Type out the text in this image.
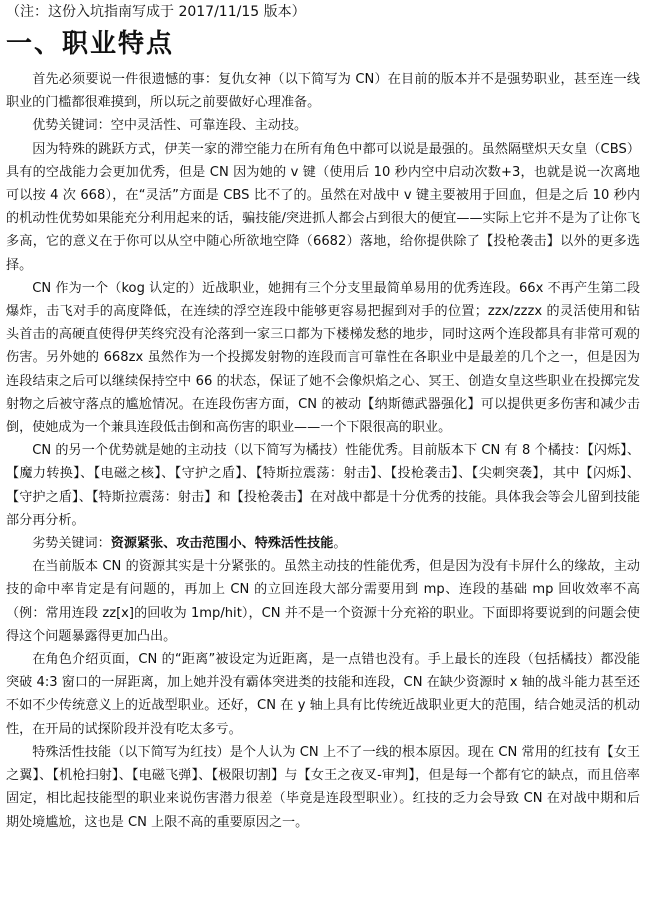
（注：这份入坑指南写成于 2017/11/15 版本）

一、职业特点

首先必须要说一件很遗憾的事：复仇女神（以下简写为 CN）在目前的版本并不是强势职业，甚至连一线职业的门槛都很难摸到，所以玩之前要做好心理准备。

优势关键词：空中灵活性、可靠连段、主动技。

因为特殊的跳跃方式，伊芙一家的滞空能力在所有角色中都可以说是最强的。虽然隔壁炽天女皇（CBS）具有的空战能力会更加优秀，但是 CN 因为她的 v 键（使用后 10 秒内空中启动次数+3，也就是说一次离地可以按 4 次 668），在“灵活”方面是 CBS 比不了的。虽然在对战中 v 键主要被用于回血，但是之后 10 秒内的机动性优势如果能充分利用起来的话，骗技能/突进抓人都会占到很大的便宜——实际上它并不是为了让你飞多高，它的意义在于你可以从空中随心所欲地空降（6682）落地，给你提供除了【投枪袭击】以外的更多选择。

CN 作为一个（kog 认定的）近战职业，她拥有三个分支里最简单易用的优秀连段。66x 不再产生第二段爆炸，击飞对手的高度降低，在连续的浮空连段中能够更容易把握到对手的位置；zzx/zzzx 的灵活使用和钻头首击的高硬直使得伊芙终究没有沦落到一家三口都为下楼梯发愁的地步，同时这两个连段都具有非常可观的伤害。另外她的 668zx 虽然作为一个投掷发射物的连段而言可靠性在各职业中是最差的几个之一，但是因为连段结束之后可以继续保持空中 66 的状态，保证了她不会像炽焰之心、冥王、创造女皇这些职业在投掷完发射物之后被守落点的尴尬情况。在连段伤害方面，CN 的被动【纳斯德武器强化】可以提供更多伤害和减少击倒，使她成为一个兼具连段低击倒和高伤害的职业——一个下限很高的职业。

CN 的另一个优势就是她的主动技（以下简写为橘技）性能优秀。目前版本下 CN 有 8 个橘技：【闪烁】、【魔力转换】、【电磁之核】、【守护之盾】、【特斯拉震荡：射击】、【投枪袭击】、【尖刺突袭】，其中【闪烁】、【守护之盾】、【特斯拉震荡：射击】和【投枪袭击】在对战中都是十分优秀的技能。具体我会等会儿留到技能部分再分析。

劣势关键词：资源紧张、攻击范围小、特殊活性技能。

在当前版本 CN 的资源其实是十分紧张的。虽然主动技的性能优秀，但是因为没有卡屏什么的缘故，主动技的命中率肯定是有问题的，再加上 CN 的立回连段大部分需要用到 mp、连段的基础 mp 回收效率不高（例：常用连段 zz[x]的回收为 1mp/hit），CN 并不是一个资源十分充裕的职业。下面即将要说到的问题会使得这个问题暴露得更加凸出。

在角色介绍页面，CN 的“距离”被设定为近距离，是一点错也没有。手上最长的连段（包括橘技）都没能突破 4:3 窗口的一屏距离，加上她并没有霸体突进类的技能和连段，CN 在缺少资源时 x 轴的战斗能力甚至还不如不少传统意义上的近战型职业。还好，CN 在 y 轴上具有比传统近战职业更大的范围，结合她灵活的机动性，在开局的试探阶段并没有吃太多亏。

特殊活性技能（以下简写为红技）是个人认为 CN 上不了一线的根本原因。现在 CN 常用的红技有【女王之翼】、【机枪扫射】、【电磁飞弹】、【极限切割】与【女王之夜叉-审判】，但是每一个都有它的缺点，而且倍率固定，相比起技能型的职业来说伤害潜力很差（毕竟是连段型职业）。红技的乏力会导致 CN 在对战中期和后期处境尴尬，这也是 CN 上限不高的重要原因之一。
